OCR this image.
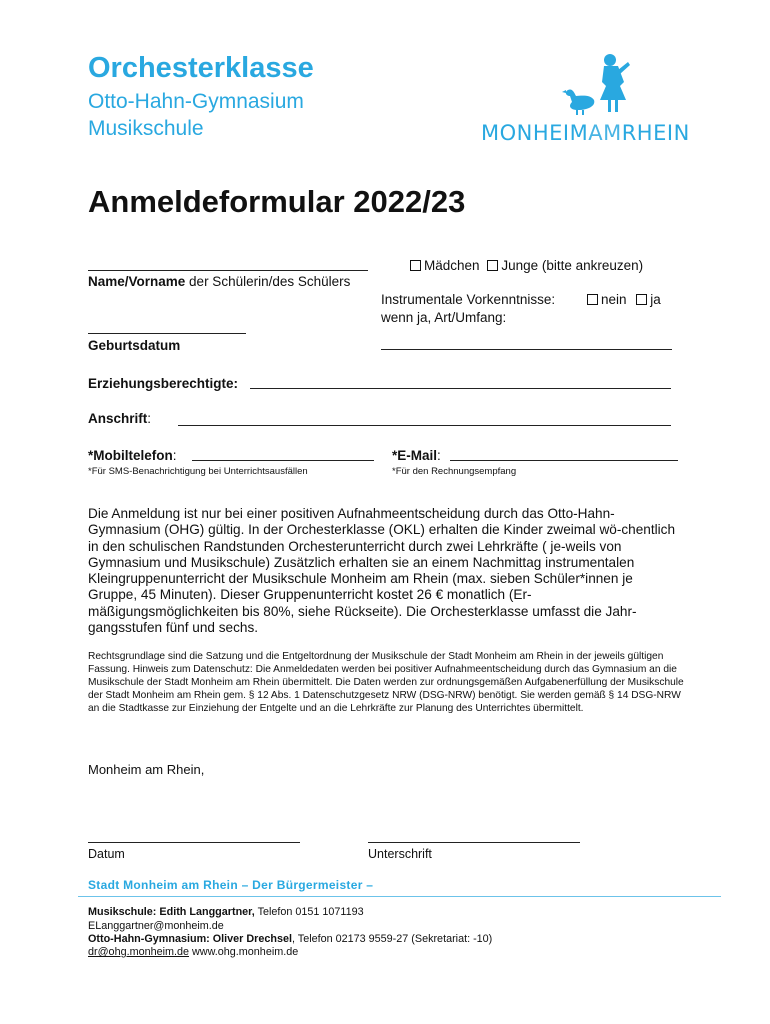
Orchesterklasse
Otto-Hahn-Gymnasium
Musikschule	MONHEIMAMRHEIN
Anmeldeformular 2022/23
Name/Vorname der Schülerin/des Schülers
Mädchen Junge (bitte ankreuzen)
Instrumentale Vorkenntnisse:	nein ja
wenn ja, Art/Umfang:
Geburtsdatum
Erziehungsberechtigte:
Anschrift:
*Mobiltelefon:
*Für SMS-Benachrichtigung bei Unterrichtsausfällen
*E-Mail:
*Für den Rechnungsempfang
Die Anmeldung ist nur bei einer positiven Aufnahmeentscheidung durch das Otto-Hahn-Gymnasium (OHG) gültig. In der Orchesterklasse (OKL) erhalten die Kinder zweimal wö-chentlich in den schulischen Randstunden Orchesterunterricht durch zwei Lehrkräfte ( je-weils von Gymnasium und Musikschule) Zusätzlich erhalten sie an einem Nachmittag instrumentalen Kleingruppenunterricht der Musikschule Monheim am Rhein (max. sieben Schüler*innen je Gruppe, 45 Minuten). Dieser Gruppenunterricht kostet 26 € monatlich (Er-mäßigungsmöglichkeiten bis 80%, siehe Rückseite). Die Orchesterklasse umfasst die Jahr-gangsstufen fünf und sechs.
Rechtsgrundlage sind die Satzung und die Entgeltordnung der Musikschule der Stadt Monheim am Rhein in der jeweils gültigen Fassung. Hinweis zum Datenschutz: Die Anmeldedaten werden bei positiver Aufnahmeentscheidung durch das Gymnasium an die Musikschule der Stadt Monheim am Rhein übermittelt. Die Daten werden zur ordnungsgemäßen Aufgabenerfüllung der Musikschule der Stadt Monheim am Rhein gem. § 12 Abs. 1 Datenschutzgesetz NRW (DSG-NRW) benötigt. Sie werden gemäß § 14 DSG-NRW an die Stadtkasse zur Einziehung der Entgelte und an die Lehrkräfte zur Planung des Unterrichtes übermittelt.
Monheim am Rhein,
Datum	Unterschrift
Stadt Monheim am Rhein – Der Bürgermeister –
Musikschule: Edith Langgartner, Telefon 0151 1071193
ELanggartner@monheim.de
Otto-Hahn-Gymnasium: Oliver Drechsel, Telefon 02173 9559-27 (Sekretariat: -10)
dr@ohg.monheim.de www.ohg.monheim.de
